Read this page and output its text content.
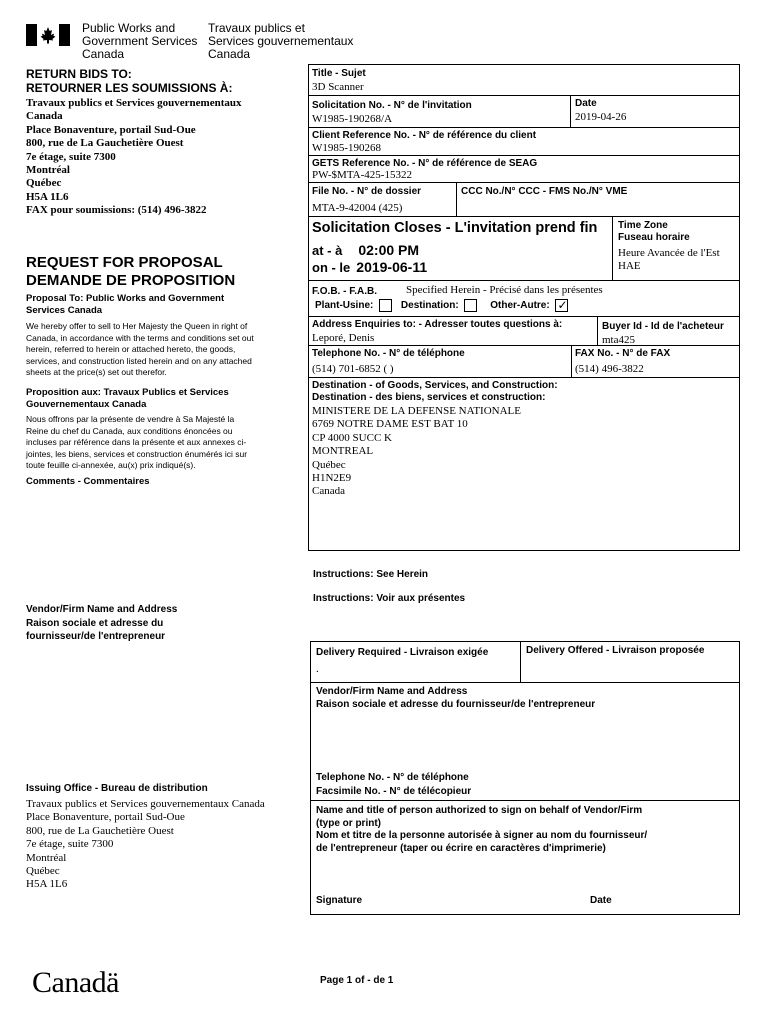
Public Works and
Government Services
Canada
Travaux publics et
Services gouvernementaux
Canada
RETURN BIDS TO:
RETOURNER LES SOUMISSIONS À:
Travaux publics et Services gouvernementaux
Canada
Place Bonaventure, portail Sud-Oue
800, rue de La Gauchetière Ouest
7e étage, suite 7300
Montréal
Québec
H5A 1L6
FAX pour soumissions: (514) 496-3822
REQUEST FOR PROPOSAL
DEMANDE DE PROPOSITION
Proposal To: Public Works and Government Services Canada
We hereby offer to sell to Her Majesty the Queen in right of Canada, in accordance with the terms and conditions set out herein, referred to herein or attached hereto, the goods, services, and construction listed herein and on any attached sheets at the price(s) set out therefor.
Proposition aux: Travaux Publics et Services Gouvernementaux Canada
Nous offrons par la présente de vendre à Sa Majesté la Reine du chef du Canada, aux conditions énoncées ou incluses par référence dans la présente et aux annexes ci-jointes, les biens, services et construction énumérés ici sur toute feuille ci-annexée, au(x) prix indiqué(s).
Comments - Commentaires
Vendor/Firm Name and Address
Raison sociale et adresse du
fournisseur/de l'entrepreneur
Issuing Office - Bureau de distribution
Travaux publics et Services gouvernementaux Canada
Place Bonaventure, portail Sud-Oue
800, rue de La Gauchetière Ouest
7e étage, suite 7300
Montréal
Québec
H5A 1L6
Title - Sujet
3D Scanner
Solicitation No. - N° de l'invitation
W1985-190268/A
Date
2019-04-26
Client Reference No. - N° de référence du client
W1985-190268
GETS Reference No. - N° de référence de SEAG
PW-$MTA-425-15322
File No. - N° de dossier
MTA-9-42004 (425)
CCC No./N° CCC - FMS No./N° VME
Solicitation Closes - L'invitation prend fin
at - à 02:00 PM
on - le 2019-06-11
Time Zone
Fuseau horaire
Heure Avancée de l'Est
HAE
F.O.B. - F.A.B.	Specified Herein - Précisé dans les présentes
Plant-Usine:	Destination:	Other-Autre: ✓
Address Enquiries to: - Adresser toutes questions à:
Leporé, Denis
Buyer Id - Id de l'acheteur
mta425
Telephone No. - N° de téléphone
(514) 701-6852 ( )
FAX No. - N° de FAX
(514) 496-3822
Destination - of Goods, Services, and Construction:
Destination - des biens, services et construction:
MINISTERE DE LA DEFENSE NATIONALE
6769 NOTRE DAME EST BAT 10
CP 4000 SUCC K
MONTREAL
Québec
H1N2E9
Canada
Instructions: See Herein
Instructions: Voir aux présentes
Delivery Required - Livraison exigée
.
Delivery Offered - Livraison proposée
Vendor/Firm Name and Address
Raison sociale et adresse du fournisseur/de l'entrepreneur
Telephone No. - N° de téléphone
Facsimile No. - N° de télécopieur
Name and title of person authorized to sign on behalf of Vendor/Firm
(type or print)
Nom et titre de la personne autorisée à signer au nom du fournisseur/
de l'entrepreneur (taper ou écrire en caractères d'imprimerie)
Signature	Date
Canadä	Page 1 of - de 1
